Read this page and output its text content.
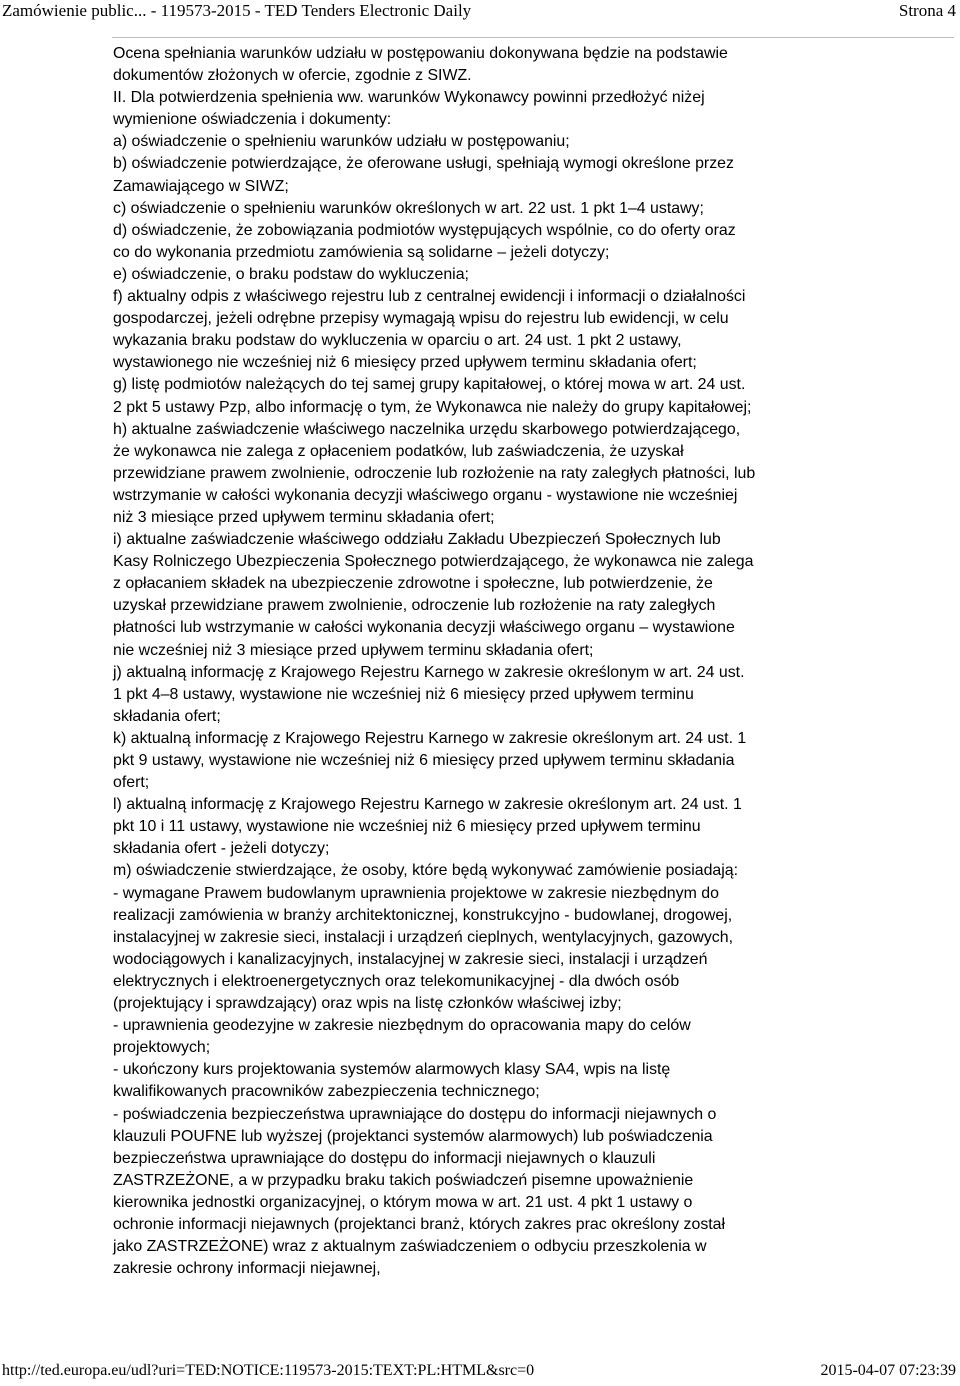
Zamówienie public... - 119573-2015 - TED Tenders Electronic Daily	Strona 4
Ocena spełniania warunków udziału w postępowaniu dokonywana będzie na podstawie
dokumentów złożonych w ofercie, zgodnie z SIWZ.
II. Dla potwierdzenia spełnienia ww. warunków Wykonawcy powinni przedłożyć niżej
wymienione oświadczenia i dokumenty:
a) oświadczenie o spełnieniu warunków udziału w postępowaniu;
b) oświadczenie potwierdzające, że oferowane usługi, spełniają wymogi określone przez
Zamawiającego w SIWZ;
c) oświadczenie o spełnieniu warunków określonych w art. 22 ust. 1 pkt 1–4 ustawy;
d) oświadczenie, że zobowiązania podmiotów występujących wspólnie, co do oferty oraz
co do wykonania przedmiotu zamówienia są solidarne – jeżeli dotyczy;
e) oświadczenie, o braku podstaw do wykluczenia;
f) aktualny odpis z właściwego rejestru lub z centralnej ewidencji i informacji o działalności
gospodarczej, jeżeli odrębne przepisy wymagają wpisu do rejestru lub ewidencji, w celu
wykazania braku podstaw do wykluczenia w oparciu o art. 24 ust. 1 pkt 2 ustawy,
wystawionego nie wcześniej niż 6 miesięcy przed upływem terminu składania ofert;
g) listę podmiotów należących do tej samej grupy kapitałowej, o której mowa w art. 24 ust.
2 pkt 5 ustawy Pzp, albo informację o tym, że Wykonawca nie należy do grupy kapitałowej;
h) aktualne zaświadczenie właściwego naczelnika urzędu skarbowego potwierdzającego,
że wykonawca nie zalega z opłaceniem podatków, lub zaświadczenia, że uzyskał
przewidziane prawem zwolnienie, odroczenie lub rozłożenie na raty zaległych płatności, lub
wstrzymanie w całości wykonania decyzji właściwego organu - wystawione nie wcześniej
niż 3 miesiące przed upływem terminu składania ofert;
i) aktualne zaświadczenie właściwego oddziału Zakładu Ubezpieczeń Społecznych lub
Kasy Rolniczego Ubezpieczenia Społecznego potwierdzającego, że wykonawca nie zalega
z opłacaniem składek na ubezpieczenie zdrowotne i społeczne, lub potwierdzenie, że
uzyskał przewidziane prawem zwolnienie, odroczenie lub rozłożenie na raty zaległych
płatności lub wstrzymanie w całości wykonania decyzji właściwego organu – wystawione
nie wcześniej niż 3 miesiące przed upływem terminu składania ofert;
j) aktualną informację z Krajowego Rejestru Karnego w zakresie określonym w art. 24 ust.
1 pkt 4–8 ustawy, wystawione nie wcześniej niż 6 miesięcy przed upływem terminu
składania ofert;
k) aktualną informację z Krajowego Rejestru Karnego w zakresie określonym art. 24 ust. 1
pkt 9 ustawy, wystawione nie wcześniej niż 6 miesięcy przed upływem terminu składania
ofert;
l) aktualną informację z Krajowego Rejestru Karnego w zakresie określonym art. 24 ust. 1
pkt 10 i 11 ustawy, wystawione nie wcześniej niż 6 miesięcy przed upływem terminu
składania ofert - jeżeli dotyczy;
m) oświadczenie stwierdzające, że osoby, które będą wykonywać zamówienie posiadają:
- wymagane Prawem budowlanym uprawnienia projektowe w zakresie niezbędnym do
realizacji zamówienia w branży architektonicznej, konstrukcyjno - budowlanej, drogowej,
instalacyjnej w zakresie sieci, instalacji i urządzeń cieplnych, wentylacyjnych, gazowych,
wodociągowych i kanalizacyjnych, instalacyjnej w zakresie sieci, instalacji i urządzeń
elektrycznych i elektroenergetycznych oraz telekomunikacyjnej - dla dwóch osób
(projektujący i sprawdzający) oraz wpis na listę członków właściwej izby;
- uprawnienia geodezyjne w zakresie niezbędnym do opracowania mapy do celów
projektowych;
- ukończony kurs projektowania systemów alarmowych klasy SA4, wpis na listę
kwalifikowanych pracowników zabezpieczenia technicznego;
- poświadczenia bezpieczeństwa uprawniające do dostępu do informacji niejawnych o
klauzuli POUFNE lub wyższej (projektanci systemów alarmowych) lub poświadczenia
bezpieczeństwa uprawniające do dostępu do informacji niejawnych o klauzuli
ZASTRZEŻONE, a w przypadku braku takich poświadczeń pisemne upoważnienie
kierownika jednostki organizacyjnej, o którym mowa w art. 21 ust. 4 pkt 1 ustawy o
ochronie informacji niejawnych (projektanci branż, których zakres prac określony został
jako ZASTRZEŻONE) wraz z aktualnym zaświadczeniem o odbyciu przeszkolenia w
zakresie ochrony informacji niejawnej,
http://ted.europa.eu/udl?uri=TED:NOTICE:119573-2015:TEXT:PL:HTML&src=0	2015-04-07 07:23:39
